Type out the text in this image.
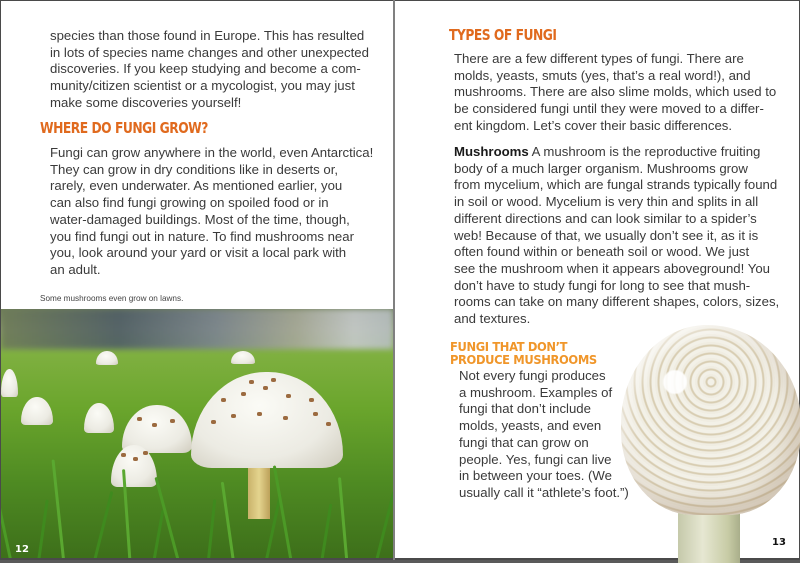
species than those found in Europe. This has resulted

in lots of species name changes and other unexpected

discoveries. If you keep studying and become a com-

munity/citizen scientist or a mycologist, you may just

make some discoveries yourself!

WHERE DO FUNGI GROW?

Fungi can grow anywhere in the world, even Antarctica!

They can grow in dry conditions like in deserts or,

rarely, even underwater. As mentioned earlier, you

can also find fungi growing on spoiled food or in

water-damaged buildings. Most of the time, though,

you find fungi out in nature. To find mushrooms near

you, look around your yard or visit a local park with

an adult.

Some mushrooms even grow on lawns.
12
TYPES OF FUNGI

There are a few different types of fungi. There are

molds, yeasts, smuts (yes, that’s a real word!), and

mushrooms. There are also slime molds, which used to

be considered fungi until they were moved to a differ-

ent kingdom. Let’s cover their basic differences.

Mushrooms A mushroom is the reproductive fruiting

body of a much larger organism. Mushrooms grow

from mycelium, which are fungal strands typically found

in soil or wood. Mycelium is very thin and splits in all

different directions and can look similar to a spider’s

web! Because of that, we usually don’t see it, as it is

often found within or beneath soil or wood. We just

see the mushroom when it appears aboveground! You

don’t have to study fungi for long to see that mush-

rooms can take on many different shapes, colors, sizes,

and textures.

FUNGI THAT DON’T

PRODUCE MUSHROOMS

Not every fungi produces

a mushroom. Examples of

fungi that don’t include

molds, yeasts, and even

fungi that can grow on

people. Yes, fungi can live

in between your toes. (We

usually call it “athlete’s foot.”)

13
